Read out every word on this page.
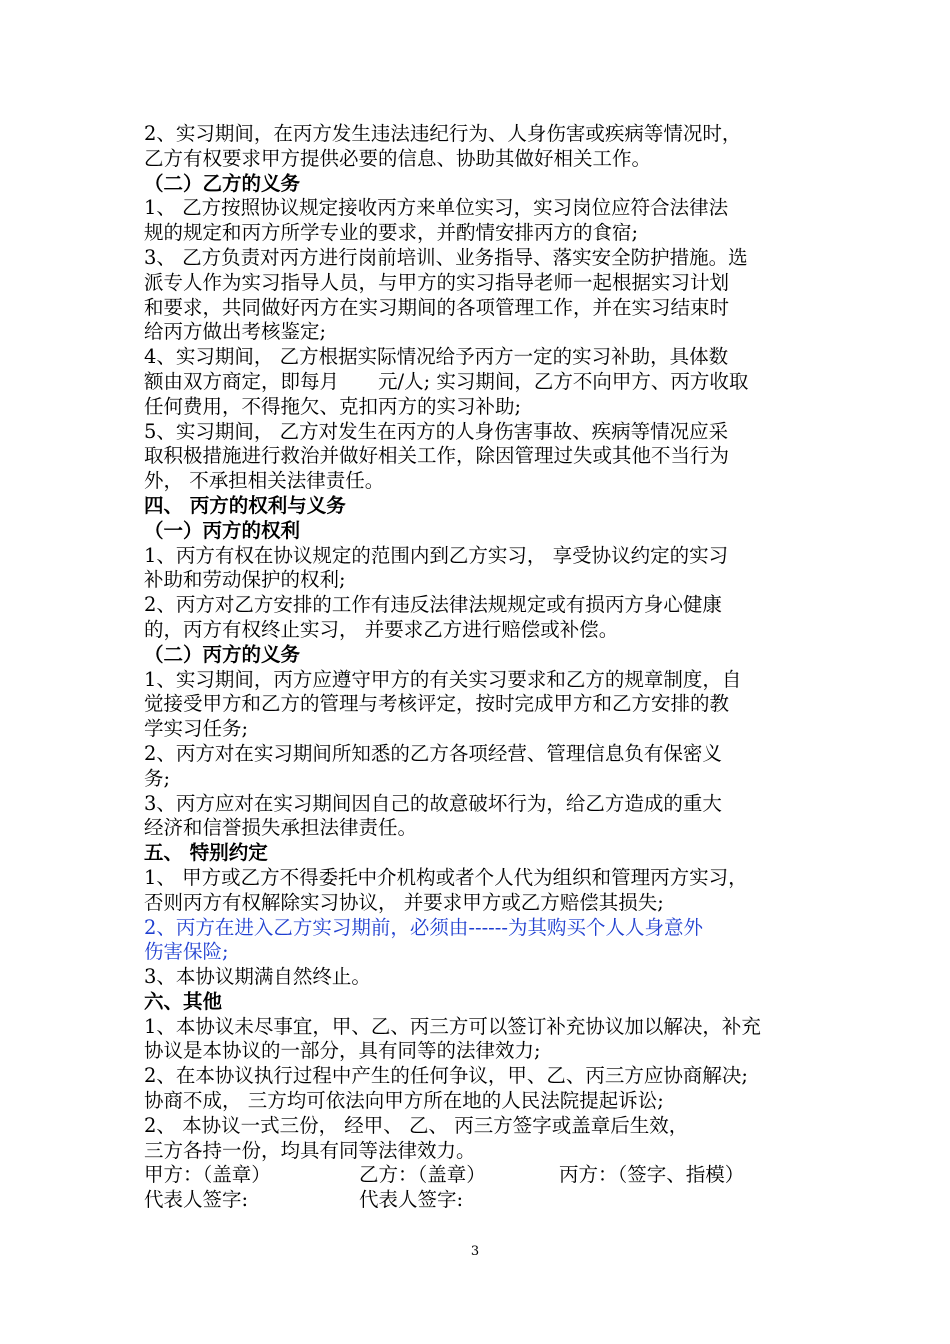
2、实习期间，在丙方发生违法违纪行为、人身伤害或疾病等情况时，
乙方有权要求甲方提供必要的信息、协助其做好相关工作。
（二）乙方的义务
1、 乙方按照协议规定接收丙方来单位实习，实习岗位应符合法律法
规的规定和丙方所学专业的要求，并酌情安排丙方的食宿;
3、 乙方负责对丙方进行岗前培训、业务指导、落实安全防护措施。选
派专人作为实习指导人员，与甲方的实习指导老师一起根据实习计划
和要求，共同做好丙方在实习期间的各项管理工作，并在实习结束时
给丙方做出考核鉴定;
4、实习期间， 乙方根据实际情况给予丙方一定的实习补助，具体数
额由双方商定，即每月　　元/人; 实习期间，乙方不向甲方、丙方收取
任何费用，不得拖欠、克扣丙方的实习补助;
5、实习期间， 乙方对发生在丙方的人身伤害事故、疾病等情况应采
取积极措施进行救治并做好相关工作，除因管理过失或其他不当行为
外， 不承担相关法律责任。
四、 丙方的权利与义务
（一）丙方的权利
1、丙方有权在协议规定的范围内到乙方实习， 享受协议约定的实习
补助和劳动保护的权利;
2、丙方对乙方安排的工作有违反法律法规规定或有损丙方身心健康
的，丙方有权终止实习， 并要求乙方进行赔偿或补偿。
（二）丙方的义务
1、实习期间，丙方应遵守甲方的有关实习要求和乙方的规章制度，自
觉接受甲方和乙方的管理与考核评定，按时完成甲方和乙方安排的教
学实习任务;
2、丙方对在实习期间所知悉的乙方各项经营、管理信息负有保密义
务;
3、丙方应对在实习期间因自己的故意破坏行为，给乙方造成的重大
经济和信誉损失承担法律责任。
五、 特别约定
1、 甲方或乙方不得委托中介机构或者个人代为组织和管理丙方实习，
否则丙方有权解除实习协议， 并要求甲方或乙方赔偿其损失;
2、丙方在进入乙方实习期前，必须由------为其购买个人人身意外
伤害保险;
3、本协议期满自然终止。
六、其他
1、本协议未尽事宜，甲、乙、丙三方可以签订补充协议加以解决，补充
协议是本协议的一部分，具有同等的法律效力;
2、在本协议执行过程中产生的任何争议，甲、乙、丙三方应协商解决;
协商不成， 三方均可依法向甲方所在地的人民法院提起诉讼;
2、 本协议一式三份， 经甲、 乙、 丙三方签字或盖章后生效，
三方各持一份，均具有同等法律效力。
甲方：（盖章）	乙方：（盖章）	丙方：（签字、指模）
代表人签字:	代表人签字:
3
